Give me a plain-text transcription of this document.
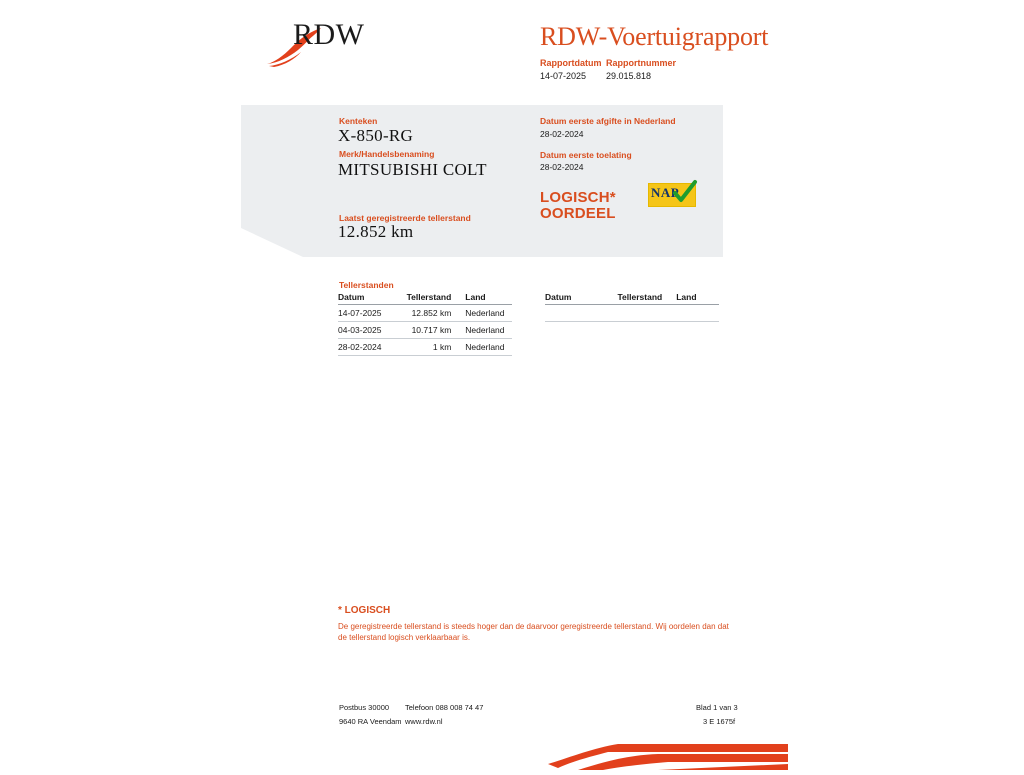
RDW	RDW-Voertuigrapport
Rapportdatum
14-07-2025
Rapportnummer
29.015.818
Kenteken
X-850-RG
Merk/Handelsbenaming
MITSUBISHI COLT
Laatst geregistreerde tellerstand
12.852 km
Datum eerste afgifte in Nederland
28-02-2024
Datum eerste toelating
28-02-2024
LOGISCH*
OORDEEL
NAP
Tellerstanden
Datum	Tellerstand	Land
14-07-2025	12.852 km	Nederland
04-03-2025	10.717 km	Nederland
28-02-2024	1 km	Nederland
Datum	Tellerstand	Land

* LOGISCH
De geregistreerde tellerstand is steeds hoger dan de daarvoor geregistreerde tellerstand. Wij oordelen dan dat de tellerstand logisch verklaarbaar is.
Postbus 30000
9640 RA Veendam
Telefoon 088 008 74 47
www.rdw.nl
Blad 1 van 3
3 E 1675f
